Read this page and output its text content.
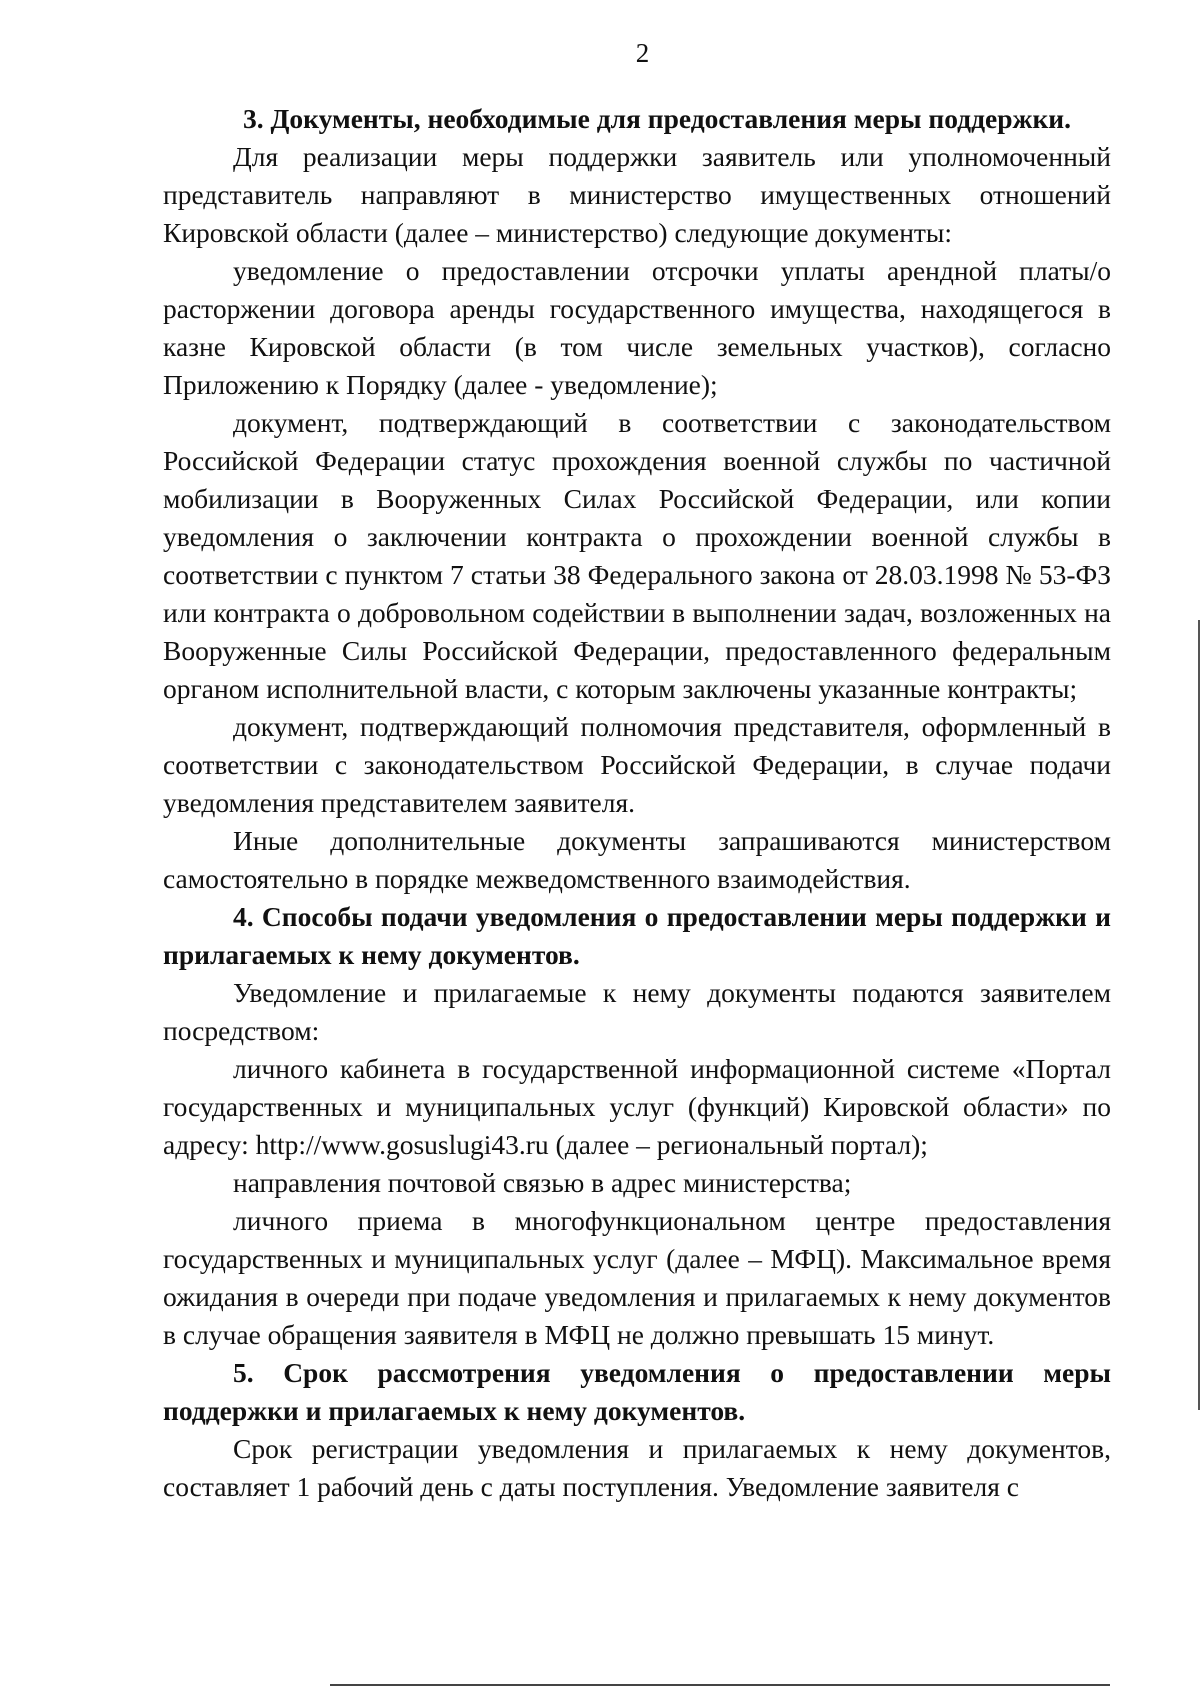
2

3. Документы, необходимые для предоставления меры поддержки.

Для реализации меры поддержки заявитель или уполномоченный представитель направляют в министерство имущественных отношений Кировской области (далее – министерство) следующие документы:

уведомление о предоставлении отсрочки уплаты арендной платы/о расторжении договора аренды государственного имущества, находящегося в казне Кировской области (в том числе земельных участков), согласно Приложению к Порядку (далее - уведомление);

документ, подтверждающий в соответствии с законодательством Российской Федерации статус прохождения военной службы по частичной мобилизации в Вооруженных Силах Российской Федерации, или копии уведомления о заключении контракта о прохождении военной службы в соответствии с пунктом 7 статьи 38 Федерального закона от 28.03.1998 № 53-ФЗ или контракта о добровольном содействии в выполнении задач, возложенных на Вооруженные Силы Российской Федерации, предоставленного федеральным органом исполнительной власти, с которым заключены указанные контракты;

документ, подтверждающий полномочия представителя, оформленный в соответствии с законодательством Российской Федерации, в случае подачи уведомления представителем заявителя.

Иные дополнительные документы запрашиваются министерством самостоятельно в порядке межведомственного взаимодействия.

4. Способы подачи уведомления о предоставлении меры поддержки и прилагаемых к нему документов.

Уведомление и прилагаемые к нему документы подаются заявителем посредством:

личного кабинета в государственной информационной системе «Портал государственных и муниципальных услуг (функций) Кировской области» по адресу: http://www.gosuslugi43.ru (далее – региональный портал);

направления почтовой связью в адрес министерства;

личного приема в многофункциональном центре предоставления государственных и муниципальных услуг (далее – МФЦ). Максимальное время ожидания в очереди при подаче уведомления и прилагаемых к нему документов в случае обращения заявителя в МФЦ не должно превышать 15 минут.

5. Срок рассмотрения уведомления о предоставлении меры поддержки и прилагаемых к нему документов.

Срок регистрации уведомления и прилагаемых к нему документов, составляет 1 рабочий день с даты поступления. Уведомление заявителя с
